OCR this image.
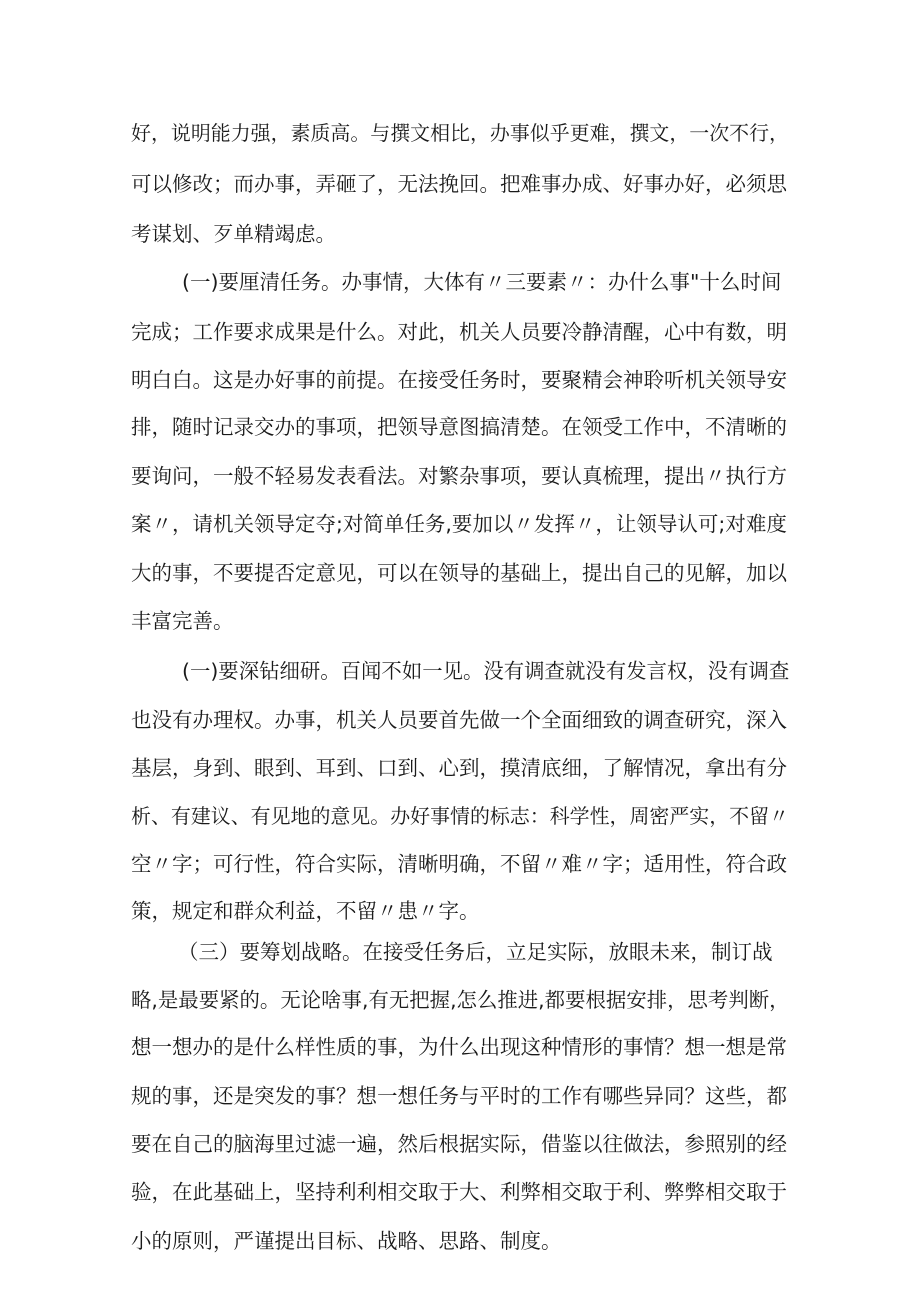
好，说明能力强，素质高。与撰文相比，办事似乎更难，撰文，一次不行，
可以修改；而办事，弄砸了，无法挽回。把难事办成、好事办好，必须思
考谋划、歹单精竭虑。
(一)要厘清任务。办事情，大体有〃三要素〃：办什么事"十么时间
完成；工作要求成果是什么。对此，机关人员要冷静清醒，心中有数，明
明白白。这是办好事的前提。在接受任务时，要聚精会神聆听机关领导安
排，随时记录交办的事项，把领导意图搞清楚。在领受工作中，不清晰的
要询问，一般不轻易发表看法。对繁杂事项，要认真梳理，提出〃执行方
案〃，请机关领导定夺;对简单任务,要加以〃发挥〃，让领导认可;对难度
大的事，不要提否定意见，可以在领导的基础上，提出自己的见解，加以
丰富完善。
(一)要深钻细研。百闻不如一见。没有调查就没有发言权，没有调查
也没有办理权。办事，机关人员要首先做一个全面细致的调查研究，深入
基层，身到、眼到、耳到、口到、心到，摸清底细，了解情况，拿出有分
析、有建议、有见地的意见。办好事情的标志：科学性，周密严实，不留〃
空〃字；可行性，符合实际，清晰明确，不留〃难〃字；适用性，符合政
策，规定和群众利益，不留〃患〃字。
（三）要筹划战略。在接受任务后，立足实际，放眼未来，制订战
略,是最要紧的。无论啥事,有无把握,怎么推进,都要根据安排，思考判断，
想一想办的是什么样性质的事，为什么出现这种情形的事情？想一想是常
规的事，还是突发的事？想一想任务与平时的工作有哪些异同？这些，都
要在自己的脑海里过滤一遍，然后根据实际，借鉴以往做法，参照别的经
验，在此基础上，坚持利利相交取于大、利弊相交取于利、弊弊相交取于
小的原则，严谨提出目标、战略、思路、制度。
